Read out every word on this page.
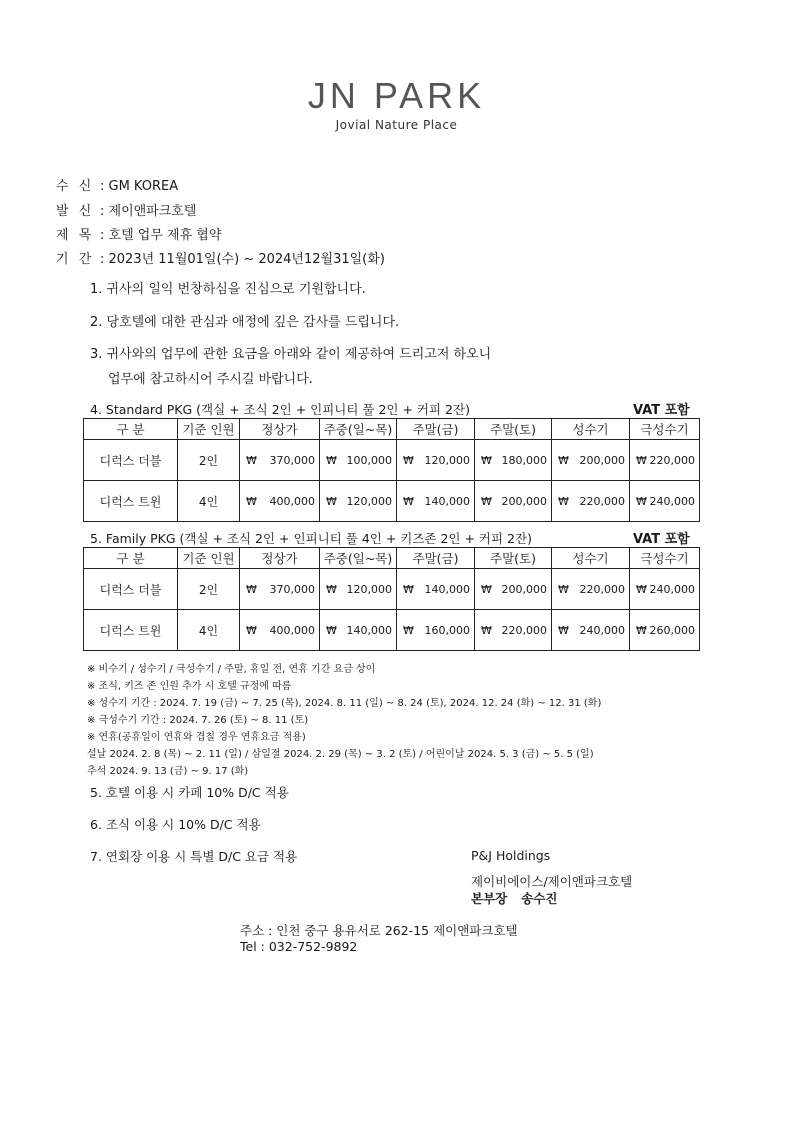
JN PARK
Jovial Nature Place
수 신 : GM KOREA
발 신 : 제이앤파크호텔
제 목 : 호텔 업무 제휴 협약
기 간 : 2023년 11월01일(수) ~ 2024년12월31일(화)
1. 귀사의 일익 번창하심을 진심으로 기원합니다.
2. 당호텔에 대한 관심과 애정에 깊은 감사를 드립니다.
3. 귀사와의 업무에 관한 요금을 아래와 같이 제공하여 드리고저 하오니
업무에 참고하시어 주시길 바랍니다.
4. Standard PKG (객실 + 조식 2인 + 인피니티 풀 2인 + 커피 2잔)	VAT 포함
구 분	기준 인원	정상가	주중(일~목)	주말(금)	주말(토)	성수기	극성수기
디럭스 더블	2인	₩ 370,000	₩ 100,000	₩ 120,000	₩ 180,000	₩ 200,000	₩ 220,000
디럭스 트윈	4인	₩ 400,000	₩ 120,000	₩ 140,000	₩ 200,000	₩ 220,000	₩ 240,000
5. Family PKG (객실 + 조식 2인 + 인피니티 풀 4인 + 키즈존 2인 + 커피 2잔)	VAT 포함
구 분	기준 인원	정상가	주중(일~목)	주말(금)	주말(토)	성수기	극성수기
디럭스 더블	2인	₩ 370,000	₩ 120,000	₩ 140,000	₩ 200,000	₩ 220,000	₩ 240,000
디럭스 트윈	4인	₩ 400,000	₩ 140,000	₩ 160,000	₩ 220,000	₩ 240,000	₩ 260,000
※ 비수기 / 성수기 / 극성수기 / 주말, 휴일 전, 연휴 기간 요금 상이
※ 조식, 키즈 존 인원 추가 시 호텔 규정에 따름
※ 성수기 기간 : 2024. 7. 19 (금) ~ 7. 25 (목), 2024. 8. 11 (일) ~ 8. 24 (토), 2024. 12. 24 (화) ~ 12. 31 (화)
※ 극성수기 기간 : 2024. 7. 26 (토) ~ 8. 11 (토)
※ 연휴(공휴일이 연휴와 겹칠 경우 연휴요금 적용)
설날 2024. 2. 8 (목) ~ 2. 11 (일) / 삼일절 2024. 2. 29 (목) ~ 3. 2 (토) / 어린이날 2024. 5. 3 (금) ~ 5. 5 (일)
추석 2024. 9. 13 (금) ~ 9. 17 (화)
5. 호텔 이용 시 카페 10% D/C 적용
6. 조식 이용 시 10% D/C 적용
7. 연회장 이용 시 특별 D/C 요금 적용	P&J Holdings
제이비에이스/제이앤파크호텔
본부장 송수진
주소 : 인천 중구 용유서로 262-15 제이앤파크호텔
Tel : 032-752-9892
